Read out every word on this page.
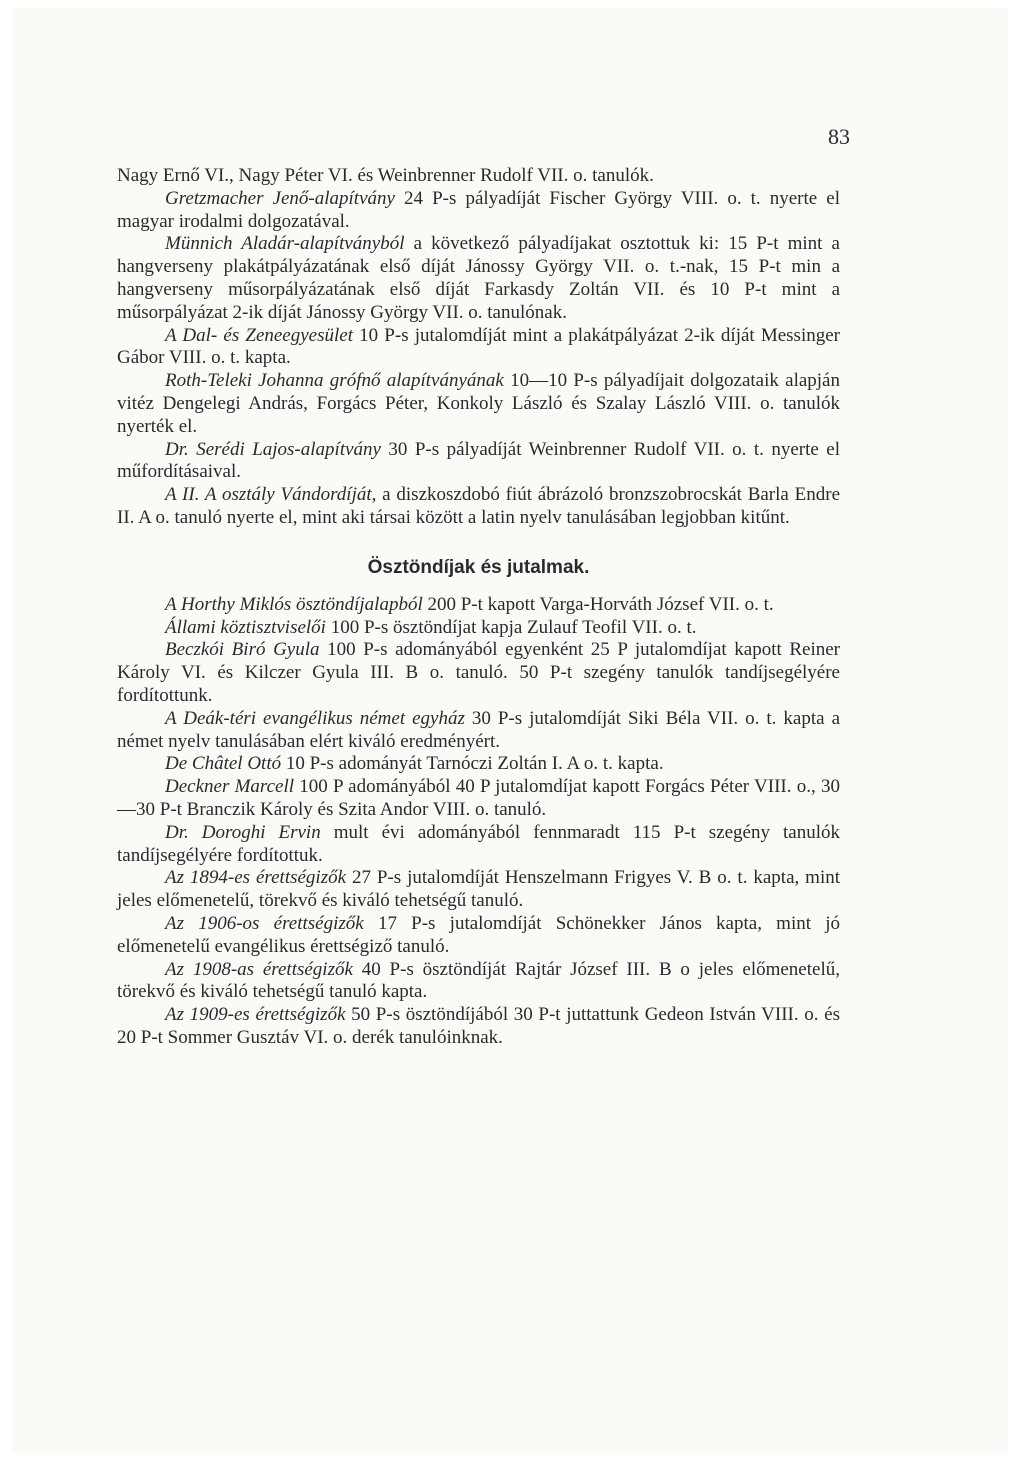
83

Nagy Ernő VI., Nagy Péter VI. és Weinbrenner Rudolf VII. o. tanulók.

Gretzmacher Jenő-alapítvány 24 P-s pályadíját Fischer György VIII. o. t. nyerte el magyar irodalmi dolgozatával.

Münnich Aladár-alapítványból a következő pályadíjakat osztottuk ki: 15 P-t mint a hangverseny plakátpályázatának első díját Jánossy György VII. o. t.-nak, 15 P-t min a hangverseny műsorpályázatának első díját Farkasdy Zoltán VII. és 10 P-t mint a műsorpályázat 2-ik díját Jánossy György VII. o. tanulónak.

A Dal- és Zeneegyesület 10 P-s jutalomdíját mint a plakátpályázat 2-ik díját Messinger Gábor VIII. o. t. kapta.

Roth-Teleki Johanna grófnő alapítványának 10—10 P-s pályadíjait dolgozataik alapján vitéz Dengelegi András, Forgács Péter, Konkoly László és Szalay László VIII. o. tanulók nyerték el.

Dr. Serédi Lajos-alapítvány 30 P-s pályadíját Weinbrenner Rudolf VII. o. t. nyerte el műfordításaival.

A II. A osztály Vándordíját, a diszkoszdobó fiút ábrázoló bronzszobrocskát Barla Endre II. A o. tanuló nyerte el, mint aki társai között a latin nyelv tanulásában legjobban kitűnt.

Ösztöndíjak és jutalmak.

A Horthy Miklós ösztöndíjalapból 200 P-t kapott Varga-Horváth József VII. o. t.

Állami köztisztviselői 100 P-s ösztöndíjat kapja Zulauf Teofil VII. o. t.

Beczkói Biró Gyula 100 P-s adományából egyenként 25 P jutalomdíjat kapott Reiner Károly VI. és Kilczer Gyula III. B o. tanuló. 50 P-t szegény tanulók tandíjsegélyére fordítottunk.

A Deák-téri evangélikus német egyház 30 P-s jutalomdíját Siki Béla VII. o. t. kapta a német nyelv tanulásában elért kiváló eredményért.

De Châtel Ottó 10 P-s adományát Tarnóczi Zoltán I. A o. t. kapta.

Deckner Marcell 100 P adományából 40 P jutalomdíjat kapott Forgács Péter VIII. o., 30—30 P-t Branczik Károly és Szita Andor VIII. o. tanuló.

Dr. Doroghi Ervin mult évi adományából fennmaradt 115 P-t szegény tanulók tandíjsegélyére fordítottuk.

Az 1894-es érettségizők 27 P-s jutalomdíját Henszelmann Frigyes V. B o. t. kapta, mint jeles előmenetelű, törekvő és kiváló tehetségű tanuló.

Az 1906-os érettségizők 17 P-s jutalomdíját Schönekker János kapta, mint jó előmenetelű evangélikus érettségiző tanuló.

Az 1908-as érettségizők 40 P-s ösztöndíját Rajtár József III. B o jeles előmenetelű, törekvő és kiváló tehetségű tanuló kapta.

Az 1909-es érettségizők 50 P-s ösztöndíjából 30 P-t juttattunk Gedeon István VIII. o. és 20 P-t Sommer Gusztáv VI. o. derék tanulóinknak.
